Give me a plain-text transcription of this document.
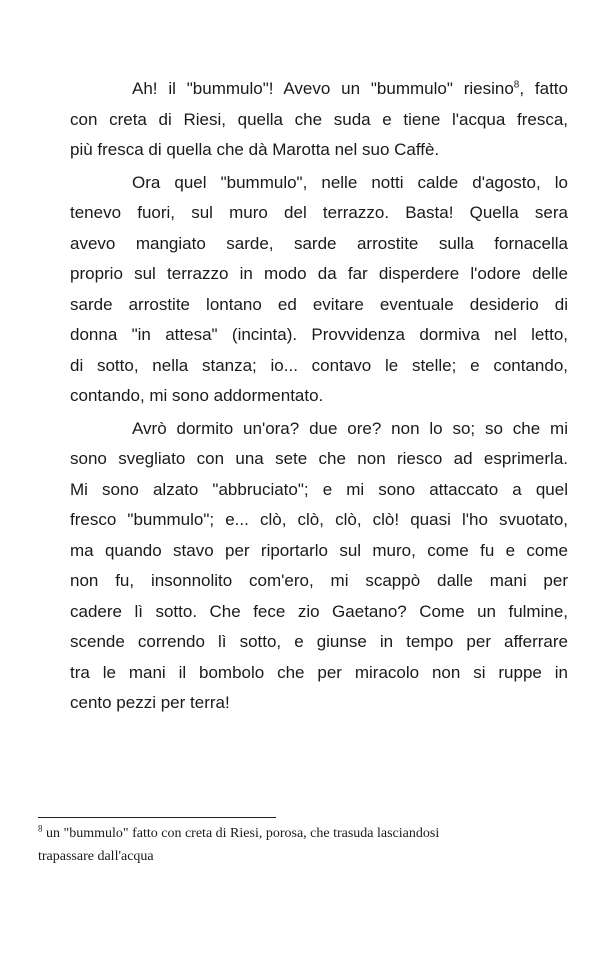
Ah! il "bummulo"! Avevo un "bummulo" riesino$^8$, fatto
con creta di Riesi, quella che suda e tiene l'acqua fresca,
più fresca di quella che dà Marotta nel suo Caffè.
Ora quel "bummulo", nelle notti calde d'agosto, lo
tenevo fuori, sul muro del terrazzo. Basta! Quella sera
avevo mangiato sarde, sarde arrostite sulla fornacella
proprio sul terrazzo in modo da far disperdere l'odore delle
sarde arrostite lontano ed evitare eventuale desiderio di
donna "in attesa" (incinta). Provvidenza dormiva nel letto,
di sotto, nella stanza; io... contavo le stelle; e contando,
contando, mi sono addormentato.
Avrò dormito un'ora? due ore? non lo so; so che mi
sono svegliato con una sete che non riesco ad esprimerla.
Mi sono alzato "abbruciato"; e mi sono attaccato a quel
fresco "bummulo"; e... clò, clò, clò, clò! quasi l'ho svuotato,
ma quando stavo per riportarlo sul muro, come fu e come
non fu, insonnolito com'ero, mi scappò dalle mani per
cadere lì sotto. Che fece zio Gaetano? Come un fulmine,
scende correndo lì sotto, e giunse in tempo per afferrare
tra le mani il bombolo che per miracolo non si ruppe in
cento pezzi per terra!
$^8$ un "bummulo" fatto con creta di Riesi, porosa, che trasuda lasciandosi
trapassare dall'acqua
